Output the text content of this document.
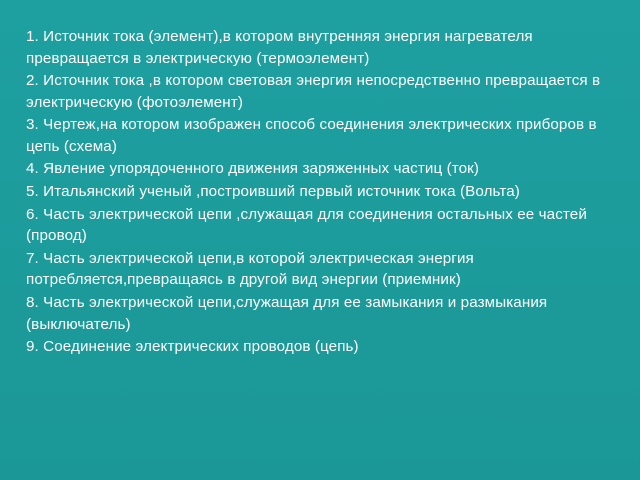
1. Источник тока (элемент),в котором внутренняя энергия нагревателя превращается в электрическую (термоэлемент)
2. Источник тока ,в котором световая энергия непосредственно превращается в электрическую (фотоэлемент)
3. Чертеж,на котором изображен способ соединения электрических приборов в цепь (схема)
4. Явление упорядоченного движения заряженных частиц (ток)
5. Итальянский ученый ,построивший первый источник тока (Вольта)
6. Часть электрической цепи ,служащая для соединения остальных ее частей (провод)
7. Часть электрической цепи,в которой электрическая энергия потребляется,превращаясь в другой вид энергии (приемник)
8. Часть электрической цепи,служащая для ее замыкания и размыкания (выключатель)
9. Соединение электрических проводов (цепь)
